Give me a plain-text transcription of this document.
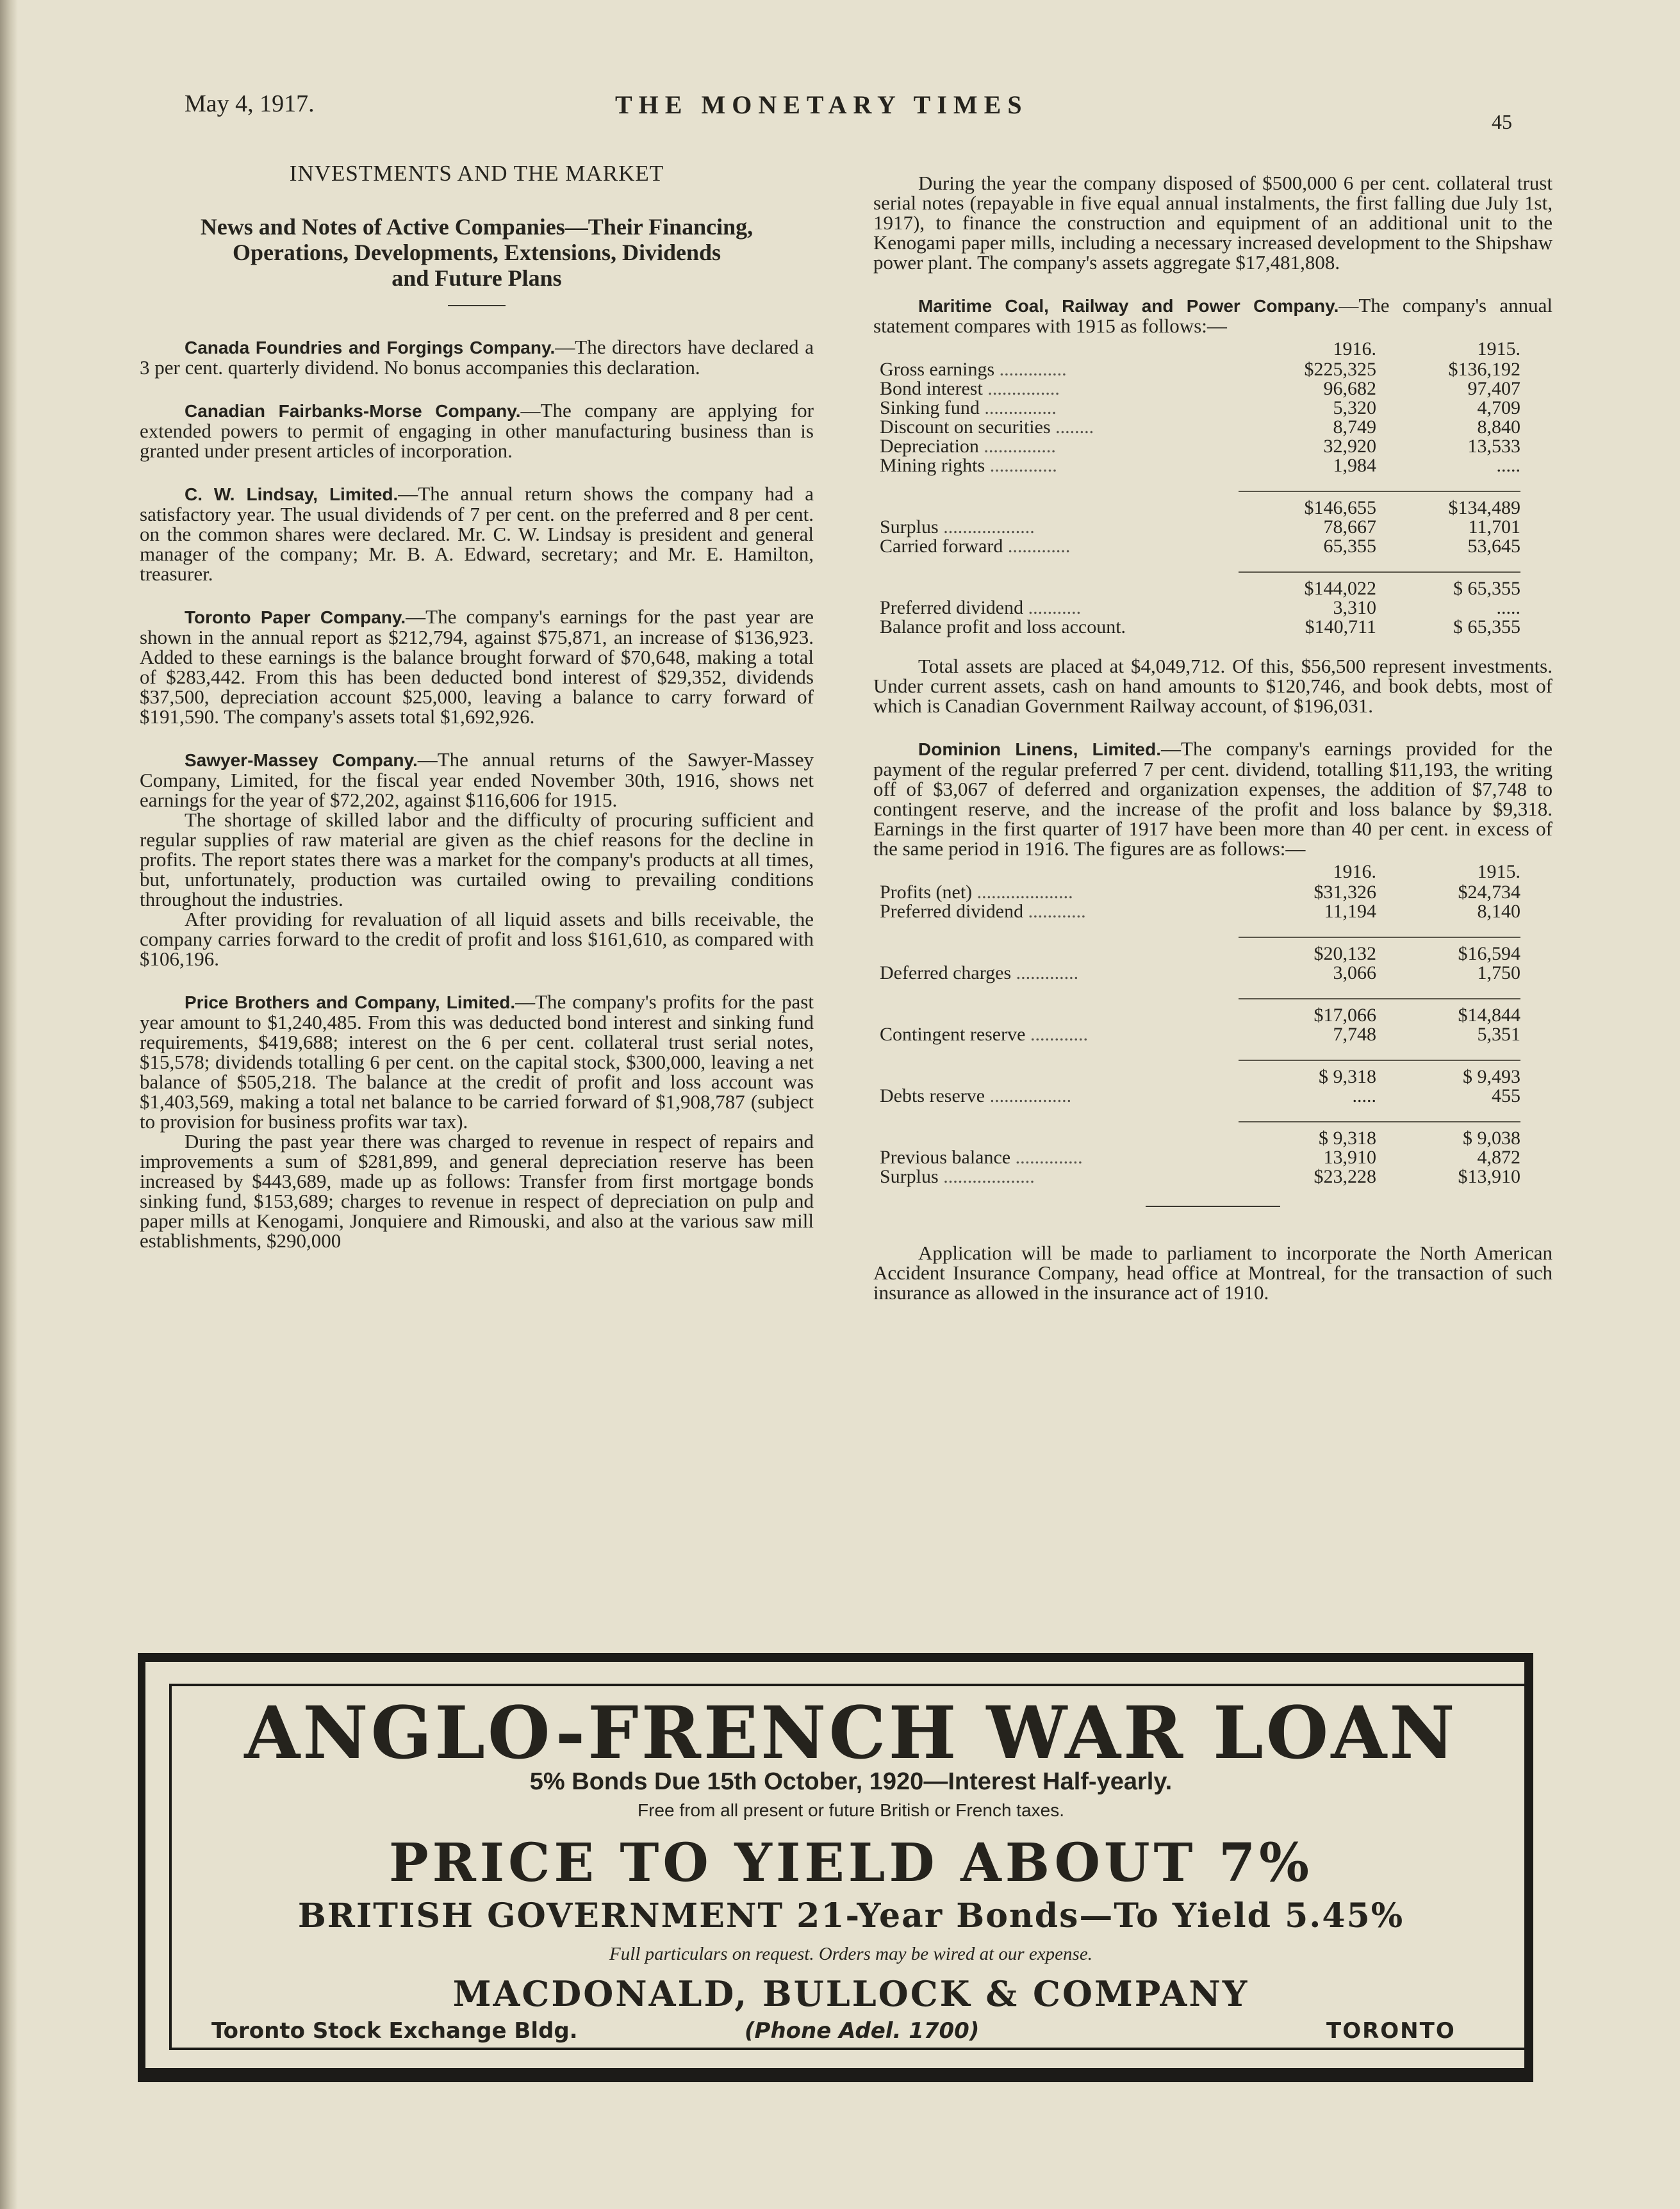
May 4, 1917.	THE MONETARY TIMES
45
INVESTMENTS AND THE MARKET
News and Notes of Active Companies—Their Financing,
Operations, Developments, Extensions, Dividends
and Future Plans

Canada Foundries and Forgings Company.—The directors have declared a 3 per cent. quarterly dividend. No bonus accompanies this declaration.

Canadian Fairbanks-Morse Company.—The company are applying for extended powers to permit of engaging in other manufacturing business than is granted under present articles of incorporation.

C. W. Lindsay, Limited.—The annual return shows the company had a satisfactory year. The usual dividends of 7 per cent. on the preferred and 8 per cent. on the common shares were declared. Mr. C. W. Lindsay is president and general manager of the company; Mr. B. A. Edward, secretary; and Mr. E. Hamilton, treasurer.

Toronto Paper Company.—The company's earnings for the past year are shown in the annual report as $212,794, against $75,871, an increase of $136,923. Added to these earnings is the balance brought forward of $70,648, making a total of $283,442. From this has been deducted bond interest of $29,352, dividends $37,500, depreciation account $25,000, leaving a balance to carry forward of $191,590. The company's assets total $1,692,926.

Sawyer-Massey Company.—The annual returns of the Sawyer-Massey Company, Limited, for the fiscal year ended November 30th, 1916, shows net earnings for the year of $72,202, against $116,606 for 1915.

The shortage of skilled labor and the difficulty of procuring sufficient and regular supplies of raw material are given as the chief reasons for the decline in profits. The report states there was a market for the company's products at all times, but, unfortunately, production was curtailed owing to prevailing conditions throughout the industries.

After providing for revaluation of all liquid assets and bills receivable, the company carries forward to the credit of profit and loss $161,610, as compared with $106,196.

Price Brothers and Company, Limited.—The company's profits for the past year amount to $1,240,485. From this was deducted bond interest and sinking fund requirements, $419,688; interest on the 6 per cent. collateral trust serial notes, $15,578; dividends totalling 6 per cent. on the capital stock, $300,000, leaving a net balance of $505,218. The balance at the credit of profit and loss account was $1,403,569, making a total net balance to be carried forward of $1,908,787 (subject to provision for business profits war tax).

During the past year there was charged to revenue in respect of repairs and improvements a sum of $281,899, and general depreciation reserve has been increased by $443,689, made up as follows: Transfer from first mortgage bonds sinking fund, $153,689; charges to revenue in respect of depreciation on pulp and paper mills at Kenogami, Jonquiere and Rimouski, and also at the various saw mill establishments, $290,000

During the year the company disposed of $500,000 6 per cent. collateral trust serial notes (repayable in five equal annual instalments, the first falling due July 1st, 1917), to finance the construction and equipment of an additional unit to the Kenogami paper mills, including a necessary increased development to the Shipshaw power plant. The company's assets aggregate $17,481,808.

Maritime Coal, Railway and Power Company.—The company's annual statement compares with 1915 as follows:—

	1916.	1915.
Gross earnings ..............	$225,325	$136,192
Bond interest ...............	96,682	97,407
Sinking fund ...............	5,320	4,709
Discount on securities ........	8,749	8,840
Depreciation ...............	32,920	13,533
Mining rights ..............	1,984	.....

	$146,655	$134,489
Surplus ...................	78,667	11,701
Carried forward .............	65,355	53,645

	$144,022	$ 65,355
Preferred dividend ...........	3,310	.....
Balance profit and loss account.	$140,711	$ 65,355

Total assets are placed at $4,049,712. Of this, $56,500 represent investments. Under current assets, cash on hand amounts to $120,746, and book debts, most of which is Canadian Government Railway account, of $196,031.

Dominion Linens, Limited.—The company's earnings provided for the payment of the regular preferred 7 per cent. dividend, totalling $11,193, the writing off of $3,067 of deferred and organization expenses, the addition of $7,748 to contingent reserve, and the increase of the profit and loss balance by $9,318. Earnings in the first quarter of 1917 have been more than 40 per cent. in excess of the same period in 1916. The figures are as follows:—

	1916.	1915.
Profits (net) ....................	$31,326	$24,734
Preferred dividend ............	11,194	8,140

	$20,132	$16,594
Deferred charges .............	3,066	1,750

	$17,066	$14,844
Contingent reserve ............	7,748	5,351

	$ 9,318	$ 9,493
Debts reserve .................	.....	455

	$ 9,318	$ 9,038
Previous balance ..............	13,910	4,872
Surplus ...................	$23,228	$13,910

Application will be made to parliament to incorporate the North American Accident Insurance Company, head office at Montreal, for the transaction of such insurance as allowed in the insurance act of 1910.

ANGLO-FRENCH WAR LOAN
5% Bonds Due 15th October, 1920—Interest Half-yearly.
Free from all present or future British or French taxes.
PRICE TO YIELD ABOUT 7%
BRITISH GOVERNMENT 21-Year Bonds—To Yield 5.45%
Full particulars on request. Orders may be wired at our expense.
MACDONALD, BULLOCK & COMPANY
Toronto Stock Exchange Bldg.	(Phone Adel. 1700)	TORONTO
